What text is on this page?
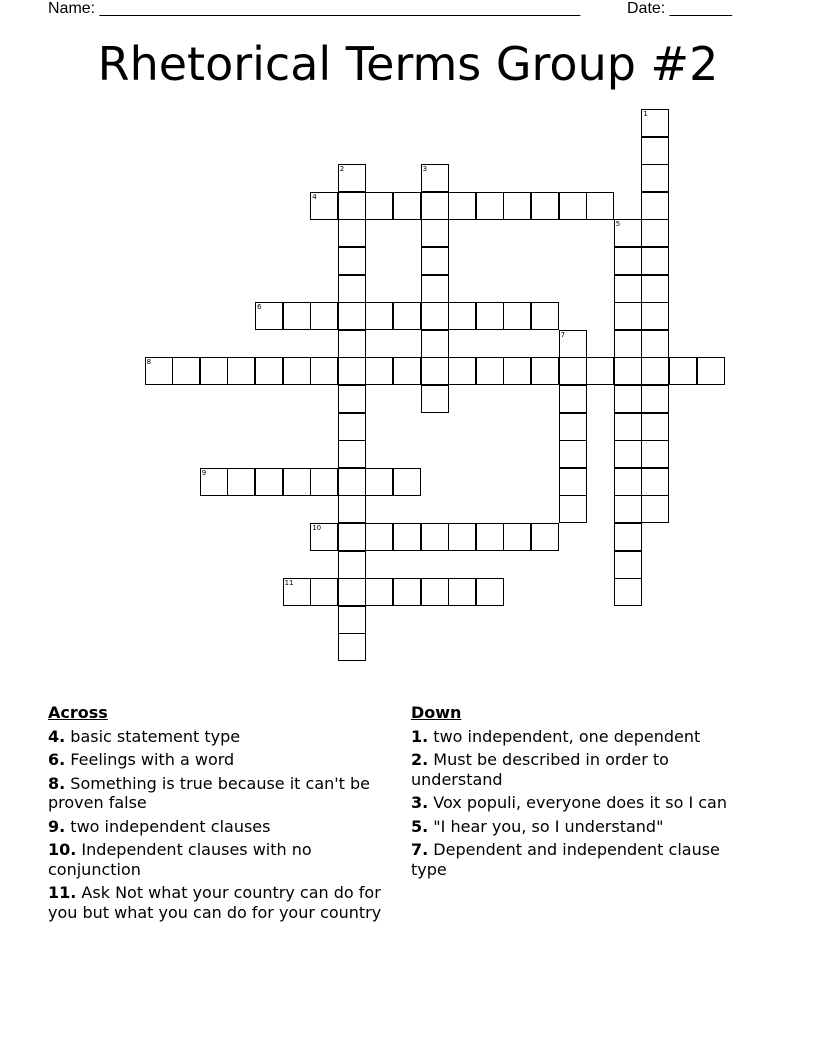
Name: ______________________________________________________	Date: _______
Rhetorical Terms Group #2
1
2	3
4
5
6
7
8
9
10
11
Across
4. basic statement type
6. Feelings with a word
8. Something is true because it can't be proven false
9. two independent clauses
10. Independent clauses with no conjunction
11. Ask Not what your country can do for you but what you can do for your country
Down
1. two independent, one dependent
2. Must be described in order to understand
3. Vox populi, everyone does it so I can
5. "I hear you, so I understand"
7. Dependent and independent clause type
